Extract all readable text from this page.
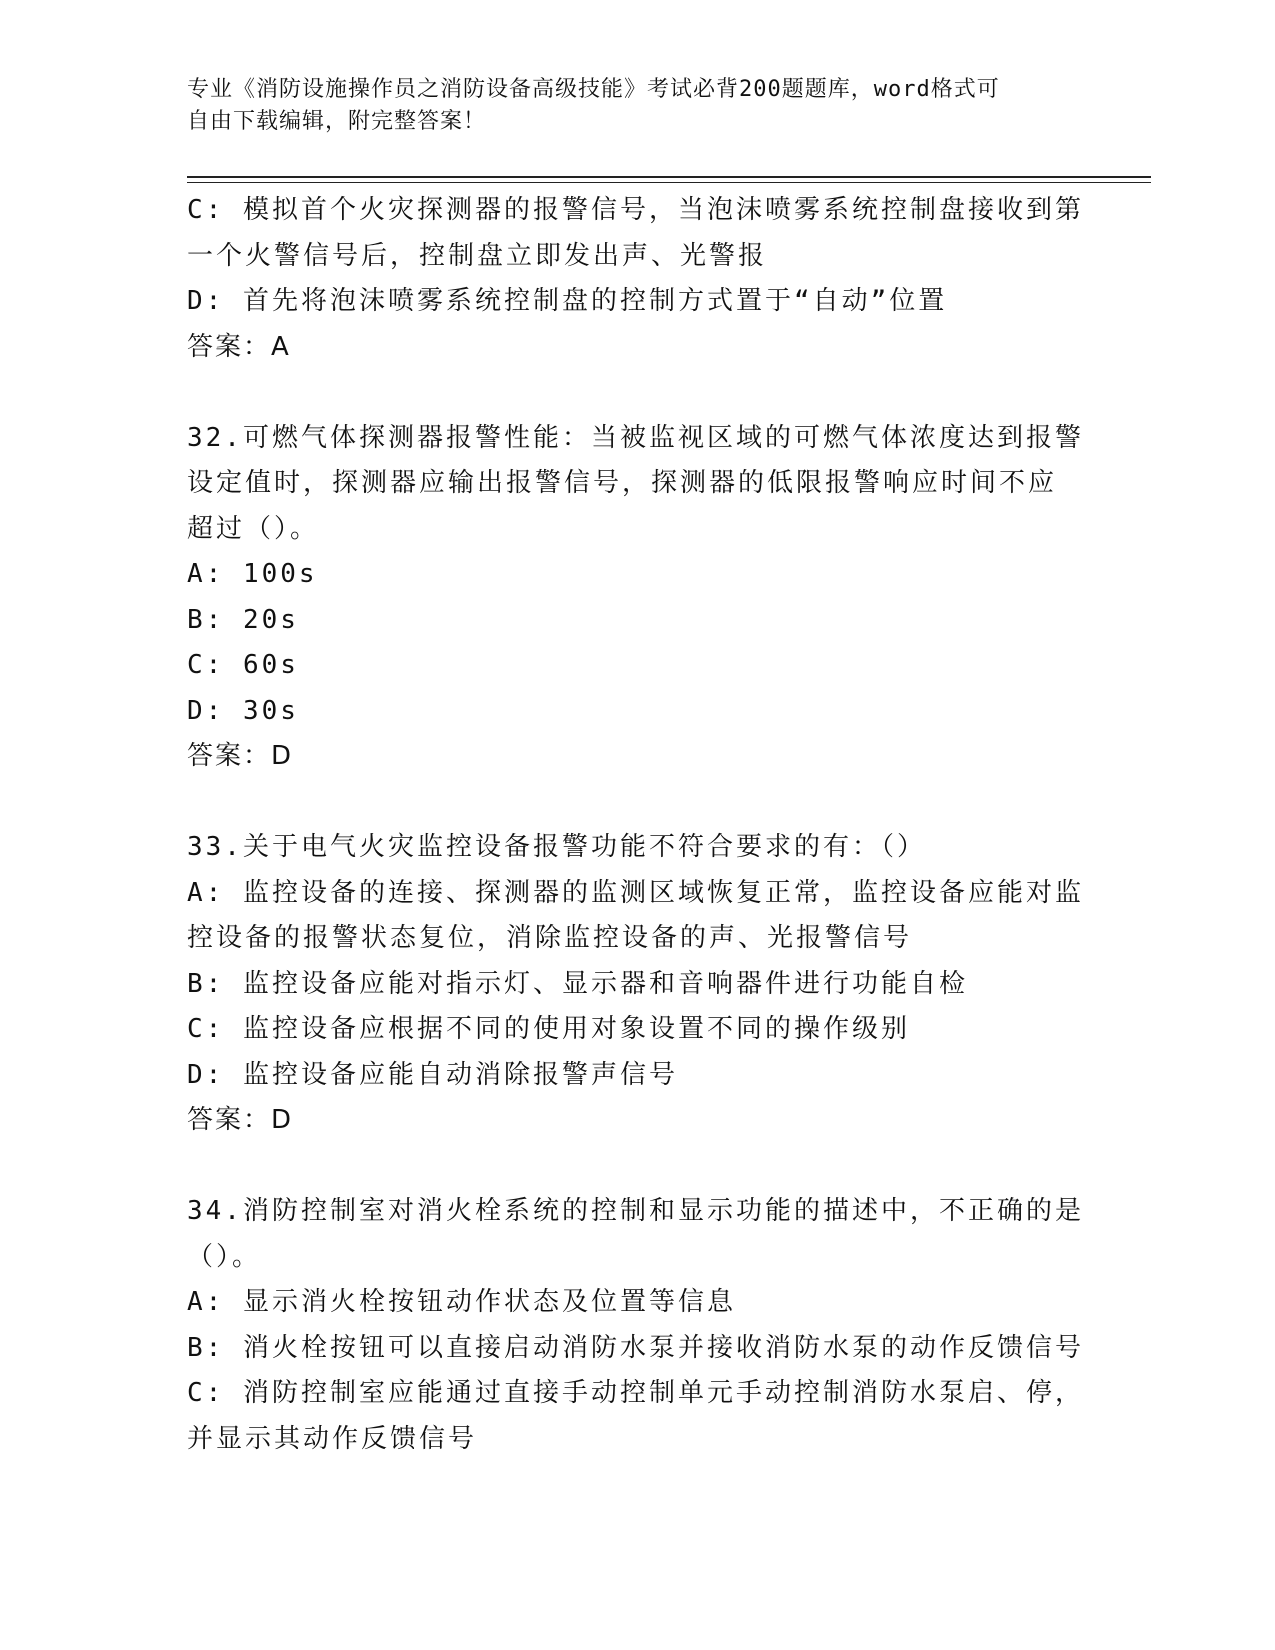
专业《消防设施操作员之消防设备高级技能》考试必背200题题库，word格式可
自由下载编辑，附完整答案！
C: 模拟首个火灾探测器的报警信号，当泡沫喷雾系统控制盘接收到第
一个火警信号后，控制盘立即发出声、光警报
D: 首先将泡沫喷雾系统控制盘的控制方式置于“自动”位置
答案：A
32.可燃气体探测器报警性能：当被监视区域的可燃气体浓度达到报警
设定值时，探测器应输出报警信号，探测器的低限报警响应时间不应
超过（）。
A: 100s
B: 20s
C: 60s
D: 30s
答案：D
33.关于电气火灾监控设备报警功能不符合要求的有：（）
A: 监控设备的连接、探测器的监测区域恢复正常，监控设备应能对监
控设备的报警状态复位，消除监控设备的声、光报警信号
B: 监控设备应能对指示灯、显示器和音响器件进行功能自检
C: 监控设备应根据不同的使用对象设置不同的操作级别
D: 监控设备应能自动消除报警声信号
答案：D
34.消防控制室对消火栓系统的控制和显示功能的描述中，不正确的是
（）。
A: 显示消火栓按钮动作状态及位置等信息
B: 消火栓按钮可以直接启动消防水泵并接收消防水泵的动作反馈信号
C: 消防控制室应能通过直接手动控制单元手动控制消防水泵启、停，
并显示其动作反馈信号
